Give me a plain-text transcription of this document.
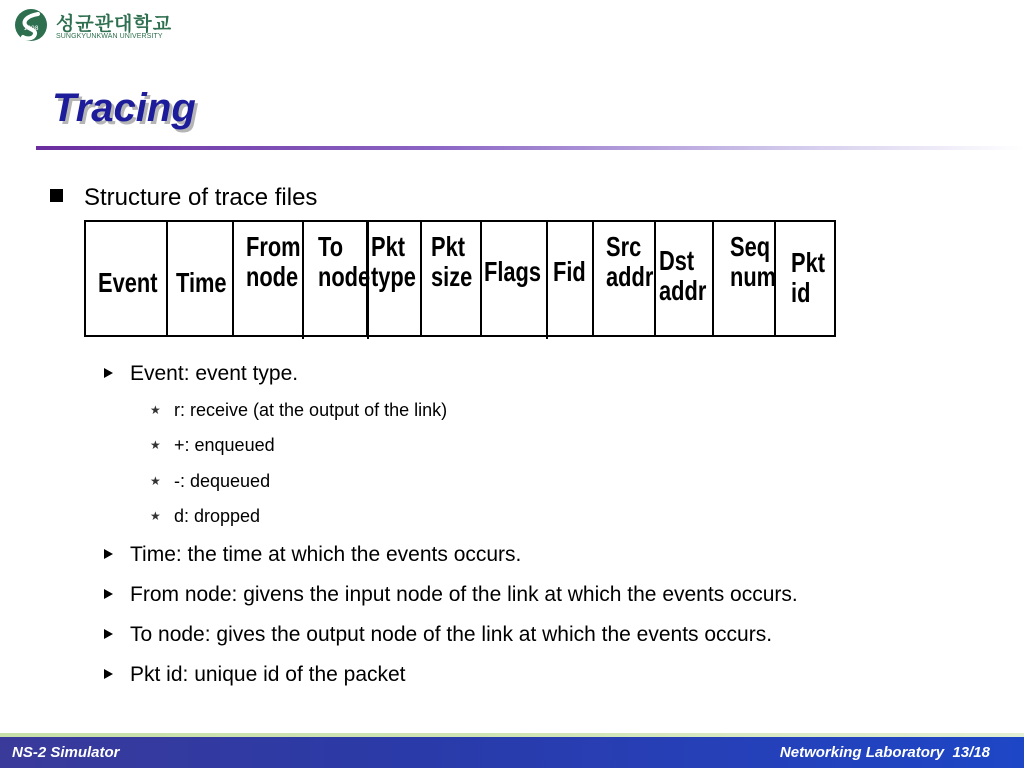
1398 성균관대학교
SUNGKYUNKWAN UNIVERSITY
Tracing
Structure of trace files
Event Time
From
node
To
node
Pkt
type
Pkt
size Flags Fid
Src
addr
Dst
addr
Seq
num Pkt
id
Event: event type.
★ r: receive (at the output of the link)
★ +: enqueued
★ -: dequeued
★ d: dropped
Time: the time at which the events occurs.
From node: givens the input node of the link at which the events occurs.
To node: gives the output node of the link at which the events occurs.
Pkt id: unique id of the packet
NS-2 Simulator	Networking Laboratory 13/18
